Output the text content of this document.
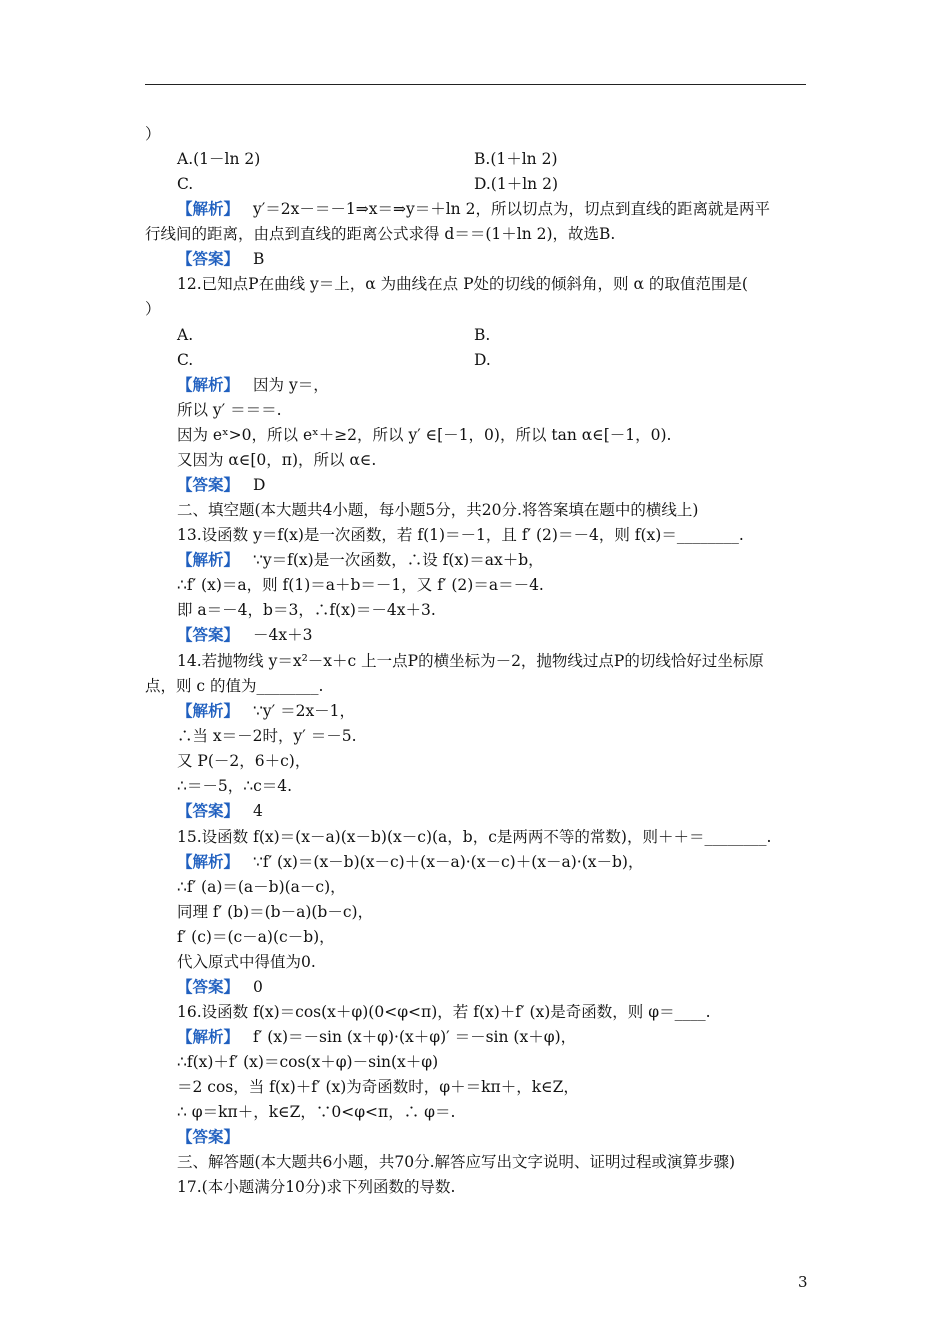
）
A.(1－ln 2)	B.(1＋ln 2)
C.	D.(1＋ln 2)
【解析】 y′＝2x－＝－1⇒x＝⇒y＝＋ln 2，所以切点为，切点到直线的距离就是两平
行线间的距离，由点到直线的距离公式求得 d＝＝(1＋ln 2)，故选B.
【答案】 B
12.已知点P在曲线 y＝上，α 为曲线在点 P处的切线的倾斜角，则 α 的取值范围是(
）
A.	B.
C.	D.
【解析】 因为 y＝，
所以 y′ ＝＝＝.
因为 eˣ>0，所以 eˣ＋≥2，所以 y′ ∈[－1，0)，所以 tan α∈[－1，0).
又因为 α∈[0，π)，所以 α∈.
【答案】 D
二、填空题(本大题共4小题，每小题5分，共20分.将答案填在题中的横线上)
13.设函数 y＝f(x)是一次函数，若 f(1)＝－1，且 f′ (2)＝－4，则 f(x)＝________.
【解析】 ∵y＝f(x)是一次函数，∴设 f(x)＝ax＋b，
∴f′ (x)＝a，则 f(1)＝a＋b＝－1，又 f′ (2)＝a＝－4.
即 a＝－4，b＝3，∴f(x)＝－4x＋3.
【答案】 －4x＋3
14.若抛物线 y＝x²－x＋c 上一点P的横坐标为－2，抛物线过点P的切线恰好过坐标原
点，则 c 的值为________.
【解析】 ∵y′ ＝2x－1，
∴当 x＝－2时，y′ ＝－5.
又 P(－2，6＋c)，
∴＝－5，∴c＝4.
【答案】 4
15.设函数 f(x)＝(x－a)(x－b)(x－c)(a，b，c是两两不等的常数)，则＋＋＝________.
【解析】 ∵f′ (x)＝(x－b)(x－c)＋(x－a)·(x－c)＋(x－a)·(x－b)，
∴f′ (a)＝(a－b)(a－c)，
同理 f′ (b)＝(b－a)(b－c)，
f′ (c)＝(c－a)(c－b)，
代入原式中得值为0.
【答案】 0
16.设函数 f(x)＝cos(x＋φ)(0<φ<π)，若 f(x)＋f′ (x)是奇函数，则 φ＝____.
【解析】 f′ (x)＝－sin (x＋φ)·(x＋φ)′ ＝－sin (x＋φ)，
∴f(x)＋f′ (x)＝cos(x＋φ)－sin(x＋φ)
＝2 cos，当 f(x)＋f′ (x)为奇函数时，φ＋＝kπ＋，k∈Z，
∴ φ＝kπ＋，k∈Z，∵0<φ<π，∴ φ＝.
【答案】
三、解答题(本大题共6小题，共70分.解答应写出文字说明、证明过程或演算步骤)
17.(本小题满分10分)求下列函数的导数.
3
